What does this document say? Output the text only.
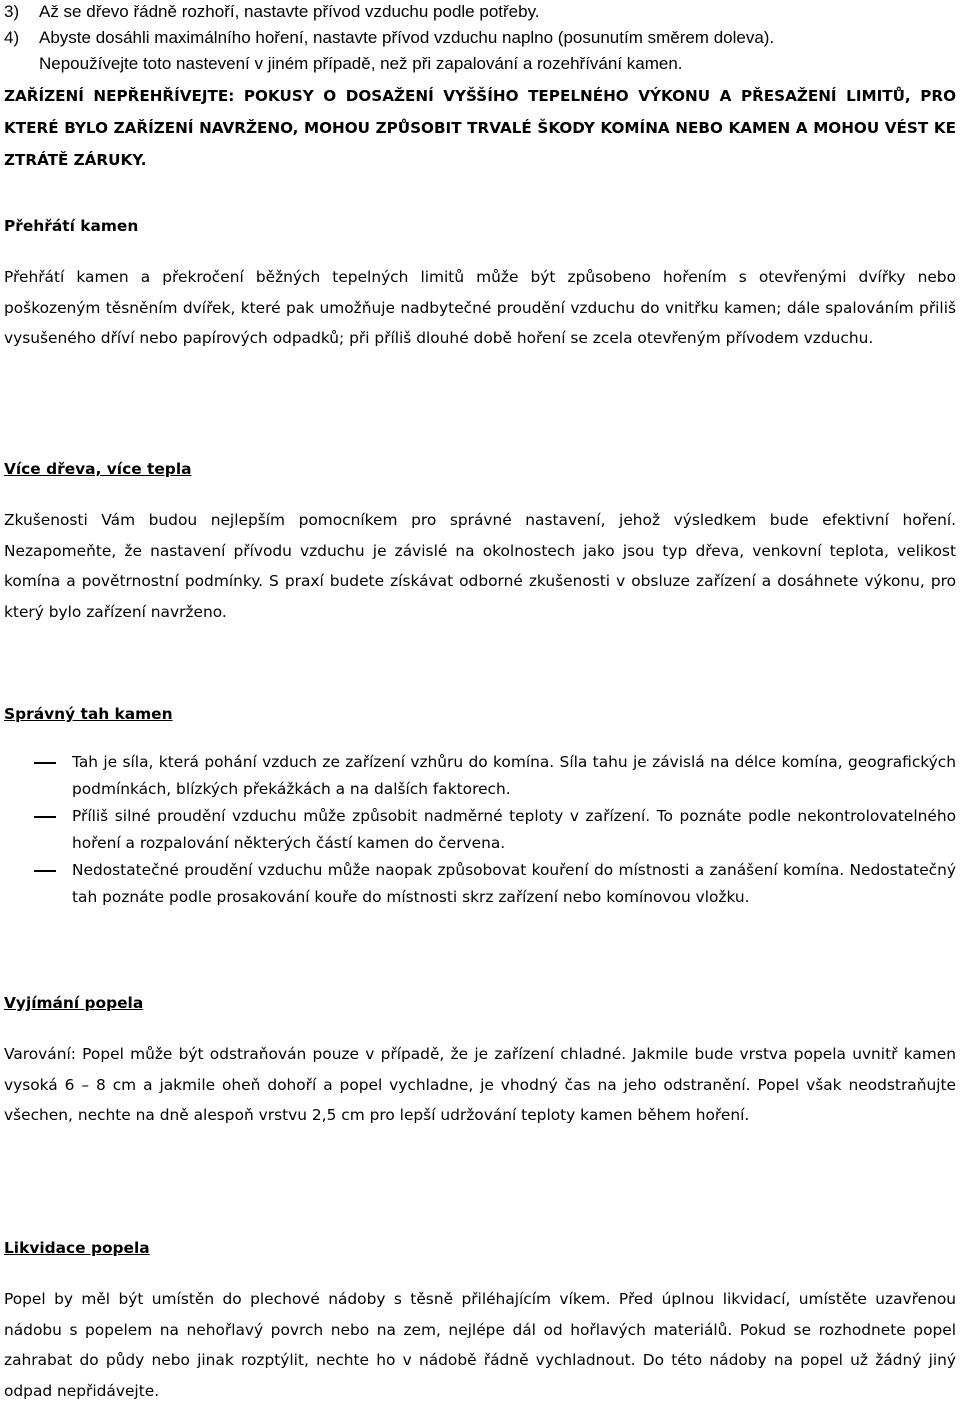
3)	Až se dřevo řádně rozhoří, nastavte přívod vzduchu podle potřeby.
4)	Abyste dosáhli maximálního hoření, nastavte přívod vzduchu naplno (posunutím směrem doleva).
Nepoužívejte toto nastevení v jiném případě, než při zapalování a rozehřívání kamen.
ZAŘÍZENÍ NEPŘEHŘÍVEJTE: POKUSY O DOSAŽENÍ VYŠŠÍHO TEPELNÉHO VÝKONU A PŘESAŽENÍ LIMITŮ, PRO KTERÉ BYLO ZAŘÍZENÍ NAVRŽENO, MOHOU ZPŮSOBIT TRVALÉ ŠKODY KOMÍNA NEBO KAMEN A MOHOU VÉST KE ZTRÁTĚ ZÁRUKY.
Přehřátí kamen
Přehřátí kamen a překročení běžných tepelných limitů může být způsobeno hořením s otevřenými dvířky nebo poškozeným těsněním dvířek, které pak umožňuje nadbytečné proudění vzduchu do vnitřku kamen; dále spalováním přiliš vysušeného dříví nebo papírových odpadků; při příliš dlouhé době hoření se zcela otevřeným přívodem vzduchu.
Více dřeva, více tepla
Zkušenosti Vám budou nejlepším pomocníkem pro správné nastavení, jehož výsledkem bude efektivní hoření. Nezapomeňte, že nastavení přívodu vzduchu je závislé na okolnostech jako jsou typ dřeva, venkovní teplota, velikost komína a povětrnostní podmínky. S praxí budete získávat odborné zkušenosti v obsluze zařízení a dosáhnete výkonu, pro který bylo zařízení navrženo.
Správný tah kamen
Tah je síla, která pohání vzduch ze zařízení vzhůru do komína. Síla tahu je závislá na délce komína, geografických podmínkách, blízkých překážkách a na dalších faktorech.
Příliš silné proudění vzduchu může způsobit nadměrné teploty v zařízení. To poznáte podle nekontrolovatelného hoření a rozpalování některých částí kamen do červena.
Nedostatečné proudění vzduchu může naopak způsobovat kouření do místnosti a zanášení komína. Nedostatečný tah poznáte podle prosakování kouře do místnosti skrz zařízení nebo komínovou vložku.
Vyjímání popela
Varování: Popel může být odstraňován pouze v případě, že je zařízení chladné. Jakmile bude vrstva popela uvnitř kamen vysoká 6 – 8 cm a jakmile oheň dohoří a popel vychladne, je vhodný čas na jeho odstranění. Popel však neodstraňujte všechen, nechte na dně alespoň vrstvu 2,5 cm pro lepší udržování teploty kamen během hoření.
Likvidace popela
Popel by měl být umístěn do plechové nádoby s těsně přiléhajícím víkem. Před úplnou likvidací, umístěte uzavřenou nádobu s popelem na nehořlavý povrch nebo na zem, nejlépe dál od hořlavých materiálů. Pokud se rozhodnete popel zahrabat do půdy nebo jinak rozptýlit, nechte ho v nádobě řádně vychladnout. Do této nádoby na popel už žádný jiný odpad nepřidávejte.
